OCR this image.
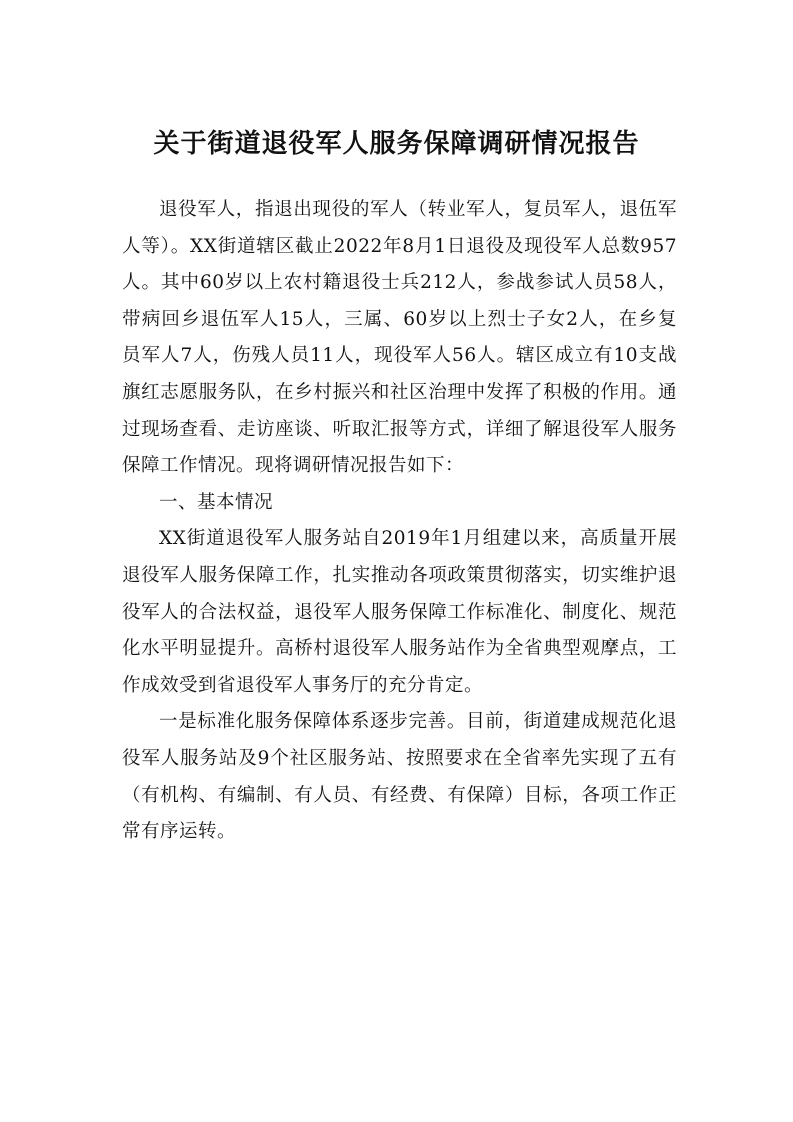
关于街道退役军人服务保障调研情况报告

退役军人，指退出现役的军人（转业军人，复员军人，退伍军人等）。XX街道辖区截止2022年8月1日退役及现役军人总数957人。其中60岁以上农村籍退役士兵212人，参战参试人员58人，带病回乡退伍军人15人，三属、60岁以上烈士子女2人，在乡复员军人7人，伤残人员11人，现役军人56人。辖区成立有10支战旗红志愿服务队，在乡村振兴和社区治理中发挥了积极的作用。通过现场查看、走访座谈、听取汇报等方式，详细了解退役军人服务保障工作情况。现将调研情况报告如下：

一、基本情况

XX街道退役军人服务站自2019年1月组建以来，高质量开展退役军人服务保障工作，扎实推动各项政策贯彻落实，切实维护退役军人的合法权益，退役军人服务保障工作标准化、制度化、规范化水平明显提升。高桥村退役军人服务站作为全省典型观摩点，工作成效受到省退役军人事务厅的充分肯定。

一是标准化服务保障体系逐步完善。目前，街道建成规范化退役军人服务站及9个社区服务站、按照要求在全省率先实现了五有（有机构、有编制、有人员、有经费、有保障）目标，各项工作正常有序运转。
